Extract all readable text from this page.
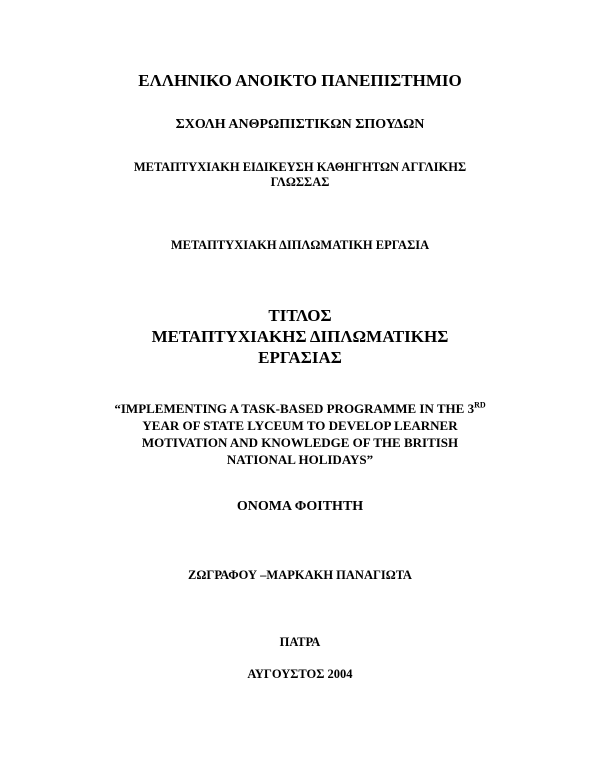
ΕΛΛΗΝΙΚΟ ΑΝΟΙΚΤΟ ΠΑΝΕΠΙΣΤΗΜΙΟ
ΣΧΟΛΗ ΑΝΘΡΩΠΙΣΤΙΚΩΝ ΣΠΟΥΔΩΝ
ΜΕΤΑΠΤΥΧΙΑΚΗ ΕΙΔΙΚΕΥΣΗ ΚΑΘΗΓΗΤΩΝ ΑΓΓΛΙΚΗΣ
ΓΛΩΣΣΑΣ
ΜΕΤΑΠΤΥΧΙΑΚΗ ΔΙΠΛΩΜΑΤΙΚΗ ΕΡΓΑΣΙΑ
ΤΙΤΛΟΣ
ΜΕΤΑΠΤΥΧΙΑΚΗΣ ΔΙΠΛΩΜΑΤΙΚΗΣ
ΕΡΓΑΣΙΑΣ
“IMPLEMENTING A TASK-BASED PROGRAMME IN THE 3RD
YEAR OF STATE LYCEUM TO DEVELOP LEARNER
MOTIVATION AND KNOWLEDGE OF THE BRITISH
NATIONAL HOLIDAYS”
ΟΝΟΜΑ ΦΟΙΤΗΤΗ
ΖΩΓΡΑΦΟΥ –ΜΑΡΚΑΚΗ ΠΑΝΑΓΙΩΤΑ
ΠΑΤΡΑ
ΑΥΓΟΥΣΤΟΣ 2004
